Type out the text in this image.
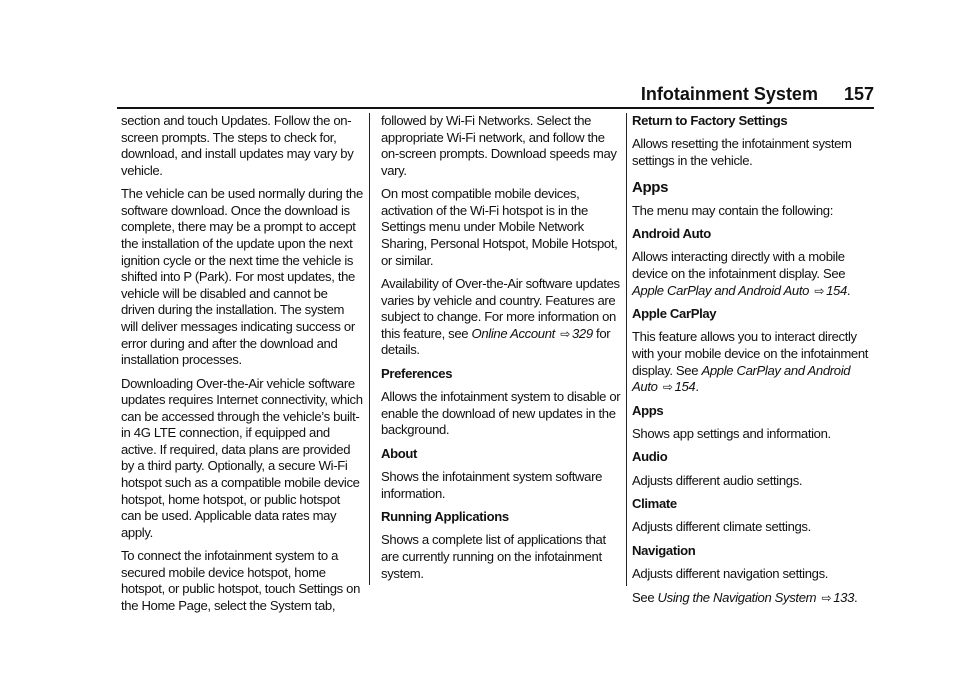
Infotainment System 157

section and touch Updates. Follow the on-screen prompts. The steps to check for, download, and install updates may vary by vehicle.

The vehicle can be used normally during the software download. Once the download is complete, there may be a prompt to accept the installation of the update upon the next ignition cycle or the next time the vehicle is shifted into P (Park). For most updates, the vehicle will be disabled and cannot be driven during the installation. The system will deliver messages indicating success or error during and after the download and installation processes.

Downloading Over-the-Air vehicle software updates requires Internet connectivity, which can be accessed through the vehicle’s built-in 4G LTE connection, if equipped and active. If required, data plans are provided by a third party. Optionally, a secure Wi-Fi hotspot such as a compatible mobile device hotspot, home hotspot, or public hotspot can be used. Applicable data rates may apply.

To connect the infotainment system to a secured mobile device hotspot, home hotspot, or public hotspot, touch Settings on the Home Page, select the System tab,

followed by Wi-Fi Networks. Select the appropriate Wi-Fi network, and follow the on-screen prompts. Download speeds may vary.

On most compatible mobile devices, activation of the Wi-Fi hotspot is in the Settings menu under Mobile Network Sharing, Personal Hotspot, Mobile Hotspot, or similar.

Availability of Over-the-Air software updates varies by vehicle and country. Features are subject to change. For more information on this feature, see Online Account ⇨ 329 for details.

Preferences

Allows the infotainment system to disable or enable the download of new updates in the background.

About

Shows the infotainment system software information.

Running Applications

Shows a complete list of applications that are currently running on the infotainment system.

Return to Factory Settings

Allows resetting the infotainment system settings in the vehicle.

Apps

The menu may contain the following:

Android Auto

Allows interacting directly with a mobile device on the infotainment display. See Apple CarPlay and Android Auto ⇨ 154.

Apple CarPlay

This feature allows you to interact directly with your mobile device on the infotainment display. See Apple CarPlay and Android Auto ⇨ 154.

Apps

Shows app settings and information.

Audio

Adjusts different audio settings.

Climate

Adjusts different climate settings.

Navigation

Adjusts different navigation settings.

See Using the Navigation System ⇨ 133.
